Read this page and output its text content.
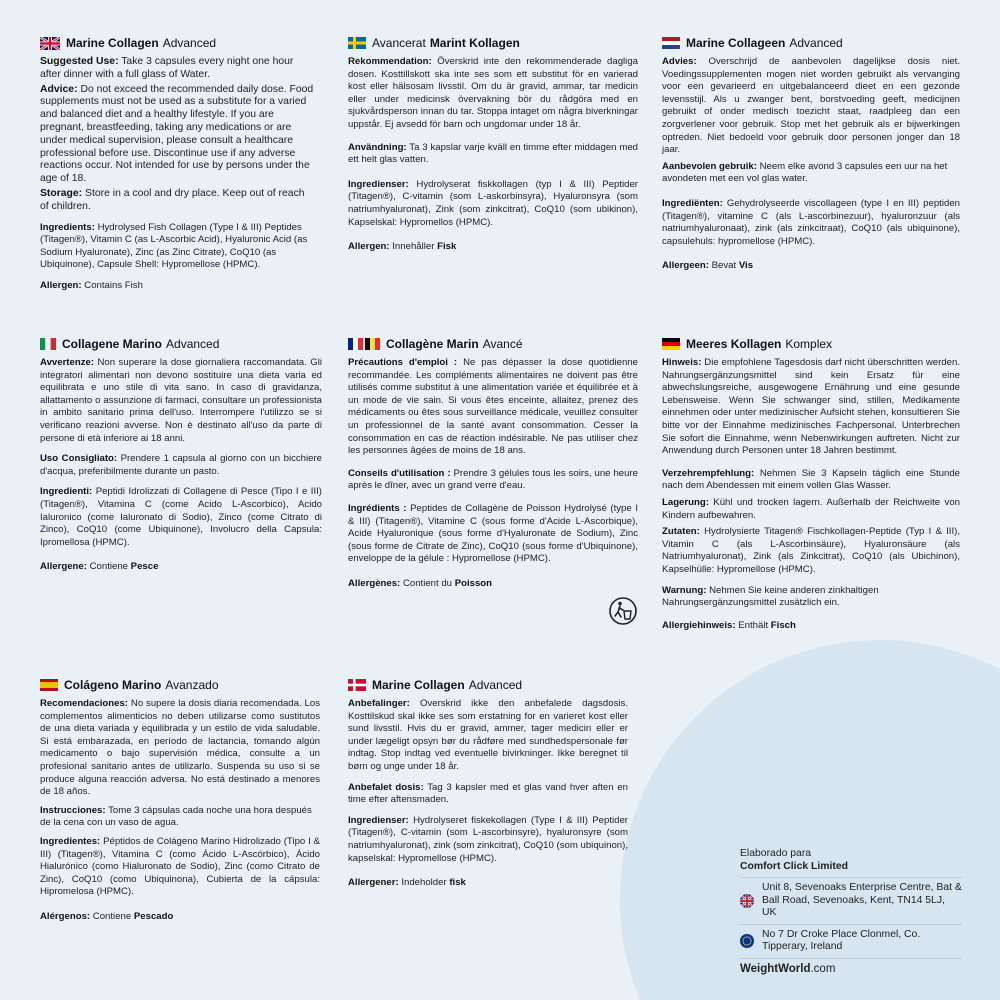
Marine Collagen Advanced

Suggested Use: Take 3 capsules every night one hour after dinner with a full glass of Water.

Advice: Do not exceed the recommended daily dose. Food supplements must not be used as a substitute for a varied and balanced diet and a healthy lifestyle. If you are pregnant, breastfeeding, taking any medications or are under medical supervision, please consult a healthcare professional before use. Discontinue use if any adverse reactions occur. Not intended for use by persons under the age of 18.

Storage: Store in a cool and dry place. Keep out of reach of children.

Ingredients: Hydrolysed Fish Collagen (Type I & III) Peptides (Titagen®), Vitamin C (as L-Ascorbic Acid), Hyaluronic Acid (as Sodium Hyaluronate), Zinc (as Zinc Citrate), CoQ10 (as Ubiquinone), Capsule Shell: Hypromellose (HPMC).

Allergen: Contains Fish

Avancerat Marint Kollagen

Rekommendation: Överskrid inte den rekommenderade dagliga dosen. Kosttillskott ska inte ses som ett substitut för en varierad kost eller hälsosam livsstil. Om du är gravid, ammar, tar medicin eller under medicinsk övervakning bör du rådgöra med en sjukvårdsperson innan du tar. Stoppa intaget om några biverkningar uppstår. Ej avsedd för barn och ungdomar under 18 år.

Användning: Ta 3 kapslar varje kväll en timme efter middagen med ett helt glas vatten.

Ingredienser: Hydrolyserat fiskkollagen (typ I & III) Peptider (Titagen®), C-vitamin (som L-askorbinsyra), Hyaluronsyra (som natriumhyaluronat), Zink (som zinkcitrat), CoQ10 (som ubikinon), Kapselskal: Hypromellos (HPMC).

Allergen: Innehåller Fisk

Marine Collageen Advanced

Advies: Overschrijd de aanbevolen dagelijkse dosis niet. Voedingssupplementen mogen niet worden gebruikt als vervanging voor een gevarieerd en uitgebalanceerd dieet en een gezonde levensstijl. Als u zwanger bent, borstvoeding geeft, medicijnen gebruikt of onder medisch toezicht staat, raadpleeg dan een zorgverlener voor gebruik. Stop met het gebruik als er bijwerkingen optreden. Niet bedoeld voor gebruik door personen jonger dan 18 jaar.

Aanbevolen gebruik: Neem elke avond 3 capsules een uur na het avondeten met een vol glas water.

Ingrediënten: Gehydrolyseerde viscollageen (type I en III) peptiden (Titagen®), vitamine C (als L-ascorbinezuur), hyaluronzuur (als natriumhyaluronaat), zink (als zinkcitraat), CoQ10 (als ubiquinone), capsulehuls: hypromellose (HPMC).

Allergeen: Bevat Vis

Collagene Marino Advanced

Avvertenze: Non superare la dose giornaliera raccomandata. Gli integratori alimentari non devono sostituire una dieta varia ed equilibrata e uno stile di vita sano. In caso di gravidanza, allattamento o assunzione di farmaci, consultare un professionista in ambito sanitario prima dell'uso. Interrompere l'utilizzo se si verificano reazioni avverse. Non è destinato all'uso da parte di persone di età inferiore ai 18 anni.

Uso Consigliato: Prendere 1 capsula al giorno con un bicchiere d'acqua, preferibilmente durante un pasto.

Ingredienti: Peptidi Idrolizzati di Collagene di Pesce (Tipo I e III) (Titagen®), Vitamina C (come Acido L-Ascorbico), Acido Ialuronico (come Ialuronato di Sodio), Zinco (come Citrato di Zinco), CoQ10 (come Ubiquinone), Involucro della Capsula: Ipromellosa (HPMC).

Allergene: Contiene Pesce

Collagène Marin Avancé

Précautions d'emploi : Ne pas dépasser la dose quotidienne recommandée. Les compléments alimentaires ne doivent pas être utilisés comme substitut à une alimentation variée et équilibrée et à un mode de vie sain. Si vous êtes enceinte, allaitez, prenez des médicaments ou êtes sous surveillance médicale, veuillez consulter un professionnel de la santé avant consommation. Cesser la consommation en cas de réaction indésirable. Ne pas utiliser chez les personnes âgées de moins de 18 ans.

Conseils d'utilisation : Prendre 3 gélules tous les soirs, une heure après le dîner, avec un grand verre d'eau.

Ingrédients : Peptides de Collagène de Poisson Hydrolysé (type I & III) (Titagen®), Vitamine C (sous forme d'Acide L-Ascorbique), Acide Hyaluronique (sous forme d'Hyaluronate de Sodium), Zinc (sous forme de Citrate de Zinc), CoQ10 (sous forme d'Ubiquinone), enveloppe de la gélule : Hypromellose (HPMC).

Allergènes: Contient du Poisson

Meeres Kollagen Komplex

Hinweis: Die empfohlene Tagesdosis darf nicht überschritten werden. Nahrungsergänzungsmittel sind kein Ersatz für eine abwechslungsreiche, ausgewogene Ernährung und eine gesunde Lebensweise. Wenn Sie schwanger sind, stillen, Medikamente einnehmen oder unter medizinischer Aufsicht stehen, konsultieren Sie bitte vor der Einnahme medizinisches Fachpersonal. Unterbrechen Sie sofort die Einnahme, wenn Nebenwirkungen auftreten. Nicht zur Anwendung durch Personen unter 18 Jahren bestimmt.

Verzehrempfehlung: Nehmen Sie 3 Kapseln täglich eine Stunde nach dem Abendessen mit einem vollen Glas Wasser.

Lagerung: Kühl und trocken lagern. Außerhalb der Reichweite von Kindern aufbewahren.

Zutaten: Hydrolysierte Titagen® Fischkollagen-Peptide (Typ I & III), Vitamin C (als L-Ascorbinsäure), Hyaluronsäure (als Natriumhyaluronat), Zink (als Zinkcitrat), CoQ10 (als Ubichinon), Kapselhülle: Hypromellose (HPMC).

Warnung: Nehmen Sie keine anderen zinkhaltigen Nahrungsergänzungsmittel zusätzlich ein.

Allergiehinweis: Enthält Fisch

Colágeno Marino Avanzado

Recomendaciones: No supere la dosis diaria recomendada. Los complementos alimenticios no deben utilizarse como sustitutos de una dieta variada y equilibrada y un estilo de vida saludable. Si está embarazada, en período de lactancia, tomando algún medicamento o bajo supervisión médica, consulte a un profesional sanitario antes de utilizarlo. Suspenda su uso si se produce alguna reacción adversa. No está destinado a menores de 18 años.

Instrucciones: Tome 3 cápsulas cada noche una hora después de la cena con un vaso de agua.

Ingredientes: Péptidos de Colágeno Marino Hidrolizado (Tipo I & III) (Titagen®), Vitamina C (como Ácido L-Ascórbico), Ácido Hialurónico (como Hialuronato de Sodio), Zinc (como Citrato de Zinc), CoQ10 (como Ubiquinona), Cubierta de la cápsula: Hipromelosa (HPMC).

Alérgenos: Contiene Pescado

Marine Collagen Advanced

Anbefalinger: Overskrid ikke den anbefalede dagsdosis. Kosttilskud skal ikke ses som erstatning for en varieret kost eller sund livsstil. Hvis du er gravid, ammer, tager medicin eller er under lægeligt opsyn bør du rådføre med sundhedspersonale før indtag. Stop indtag ved eventuelle bivirkninger. Ikke beregnet til børn og unge under 18 år.

Anbefalet dosis: Tag 3 kapsler med et glas vand hver aften en time efter aftensmaden.

Ingredienser: Hydrolyseret fiskekollagen (Type I & III) Peptider (Titagen®), C-vitamin (som L-ascorbinsyre), hyaluronsyre (som natriumhyaluronat), zink (som zinkcitrat), CoQ10 (som ubiquinon), kapselskal: Hypromellose (HPMC).

Allergener: Indeholder fisk

Elaborado para
Comfort Click Limited
Unit 8, Sevenoaks Enterprise Centre, Bat & Ball Road, Sevenoaks, Kent, TN14 5LJ, UK
No 7 Dr Croke Place Clonmel, Co. Tipperary, Ireland
WeightWorld.com
